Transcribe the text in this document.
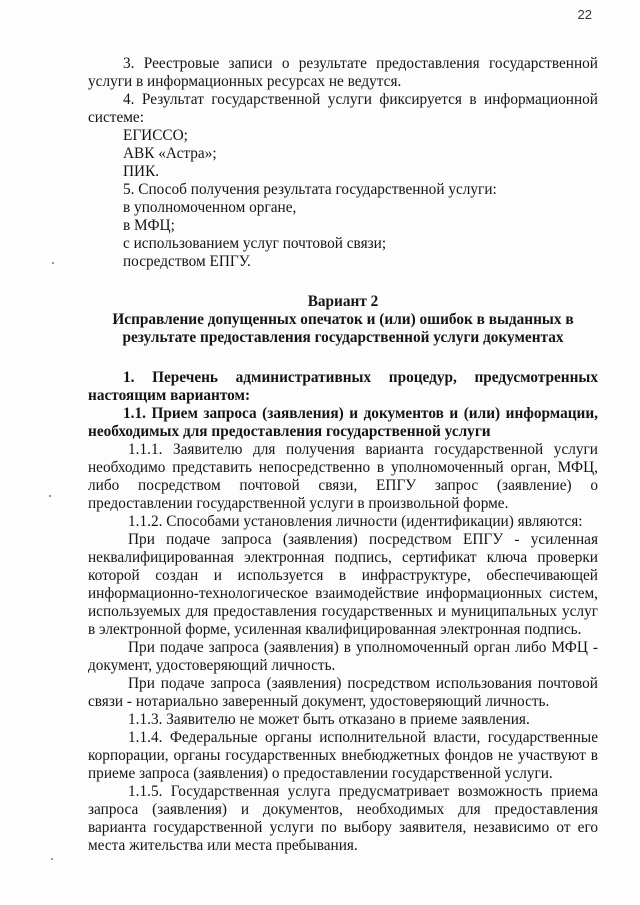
22

3. Реестровые записи о результате предоставления государственной услуги в информационных ресурсах не ведутся.

4. Результат государственной услуги фиксируется в информационной системе:

ЕГИССО;

АВК «Астра»;

ПИК.

5. Способ получения результата государственной услуги:

в уполномоченном органе,

в МФЦ;

с использованием услуг почтовой связи;

посредством ЕПГУ.

Вариант 2

Исправление допущенных опечаток и (или) ошибок в выданных в результате предоставления государственной услуги документах

1. Перечень административных процедур, предусмотренных настоящим вариантом:

1.1. Прием запроса (заявления) и документов и (или) информации, необходимых для предоставления государственной услуги

1.1.1. Заявителю для получения варианта государственной услуги необходимо представить непосредственно в уполномоченный орган, МФЦ, либо посредством почтовой связи, ЕПГУ запрос (заявление) о предоставлении государственной услуги в произвольной форме.

1.1.2. Способами установления личности (идентификации) являются:

При подаче запроса (заявления) посредством ЕПГУ - усиленная неквалифицированная электронная подпись, сертификат ключа проверки которой создан и используется в инфраструктуре, обеспечивающей информационно-технологическое взаимодействие информационных систем, используемых для предоставления государственных и муниципальных услуг в электронной форме, усиленная квалифицированная электронная подпись.

При подаче запроса (заявления) в уполномоченный орган либо МФЦ - документ, удостоверяющий личность.

При подаче запроса (заявления) посредством использования почтовой связи - нотариально заверенный документ, удостоверяющий личность.

1.1.3. Заявителю не может быть отказано в приеме заявления.

1.1.4. Федеральные органы исполнительной власти, государственные корпорации, органы государственных внебюджетных фондов не участвуют в приеме запроса (заявления) о предоставлении государственной услуги.

1.1.5. Государственная услуга предусматривает возможность приема запроса (заявления) и документов, необходимых для предоставления варианта государственной услуги по выбору заявителя, независимо от его места жительства или места пребывания.
